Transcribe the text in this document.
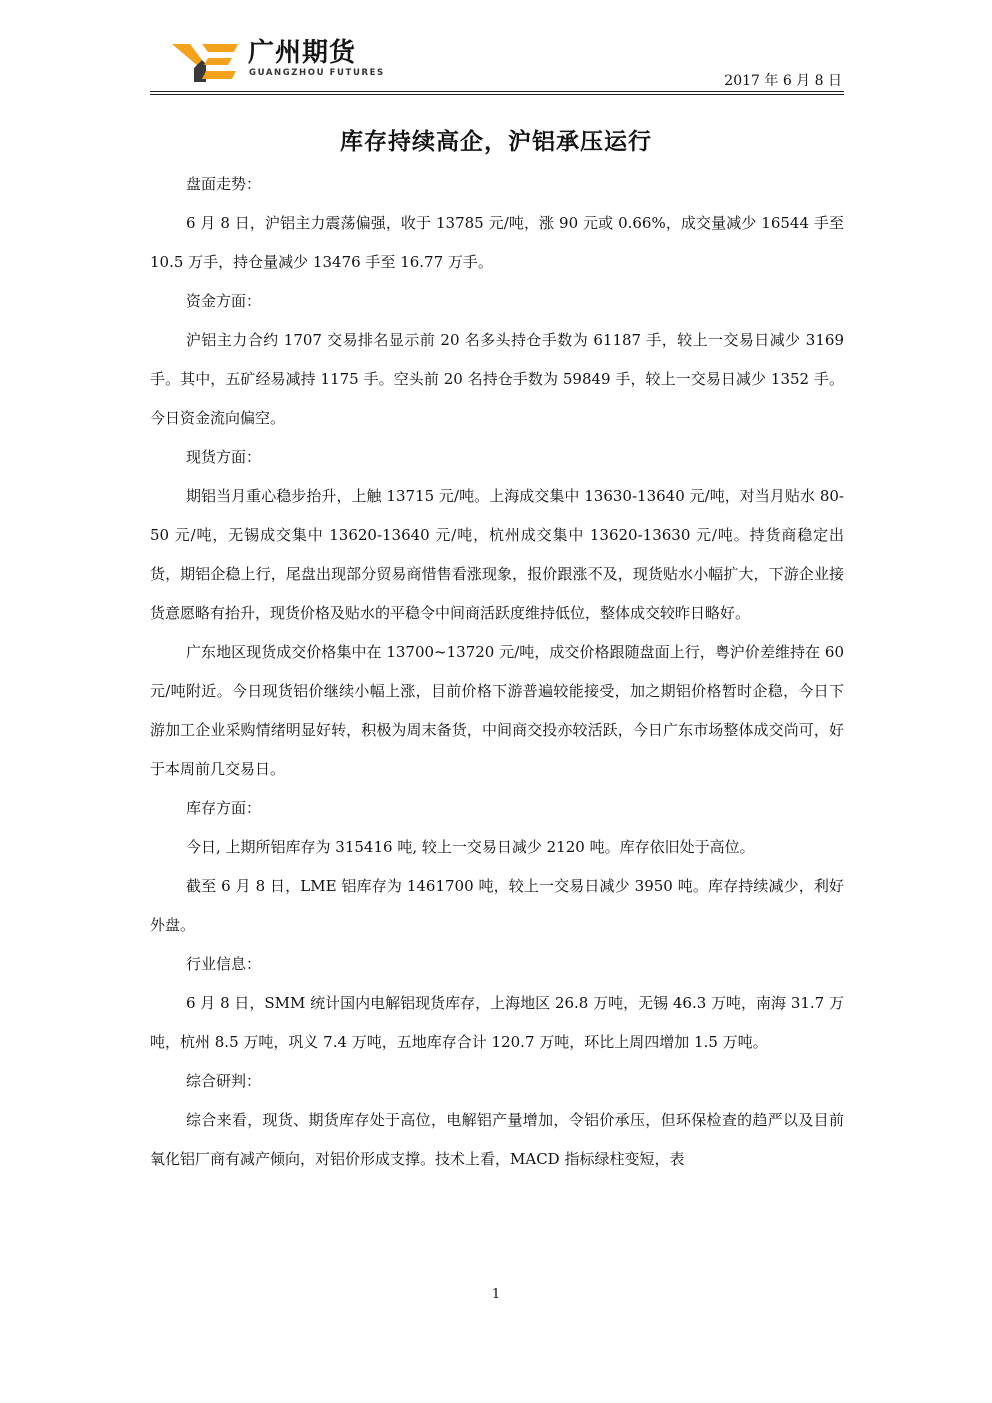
广州期货
GUANGZHOU FUTURES	2017 年 6 月 8 日
库存持续高企，沪铝承压运行

盘面走势：

6 月 8 日，沪铝主力震荡偏强，收于 13785 元/吨，涨 90 元或 0.66%，成交量减少 16544 手至 10.5 万手，持仓量减少 13476 手至 16.77 万手。

资金方面：

沪铝主力合约 1707 交易排名显示前 20 名多头持仓手数为 61187 手，较上一交易日减少 3169 手。其中，五矿经易减持 1175 手。空头前 20 名持仓手数为 59849 手，较上一交易日减少 1352 手。今日资金流向偏空。

现货方面：

期铝当月重心稳步抬升，上触 13715 元/吨。上海成交集中 13630-13640 元/吨，对当月贴水 80-50 元/吨，无锡成交集中 13620-13640 元/吨，杭州成交集中 13620-13630 元/吨。持货商稳定出货，期铝企稳上行，尾盘出现部分贸易商惜售看涨现象，报价跟涨不及，现货贴水小幅扩大，下游企业接货意愿略有抬升，现货价格及贴水的平稳令中间商活跃度维持低位，整体成交较昨日略好。

广东地区现货成交价格集中在 13700~13720 元/吨，成交价格跟随盘面上行，粤沪价差维持在 60 元/吨附近。今日现货铝价继续小幅上涨，目前价格下游普遍较能接受，加之期铝价格暂时企稳，今日下游加工企业采购情绪明显好转，积极为周末备货，中间商交投亦较活跃，今日广东市场整体成交尚可，好于本周前几交易日。

库存方面：

今日, 上期所铝库存为 315416 吨, 较上一交易日减少 2120 吨。库存依旧处于高位。

截至 6 月 8 日，LME 铝库存为 1461700 吨，较上一交易日减少 3950 吨。库存持续减少，利好外盘。

行业信息：

6 月 8 日，SMM 统计国内电解铝现货库存，上海地区 26.8 万吨，无锡 46.3 万吨，南海 31.7 万吨，杭州 8.5 万吨，巩义 7.4 万吨，五地库存合计 120.7 万吨，环比上周四增加 1.5 万吨。

综合研判：

综合来看，现货、期货库存处于高位，电解铝产量增加，令铝价承压，但环保检查的趋严以及目前氧化铝厂商有减产倾向，对铝价形成支撑。技术上看，MACD 指标绿柱变短，表

1
